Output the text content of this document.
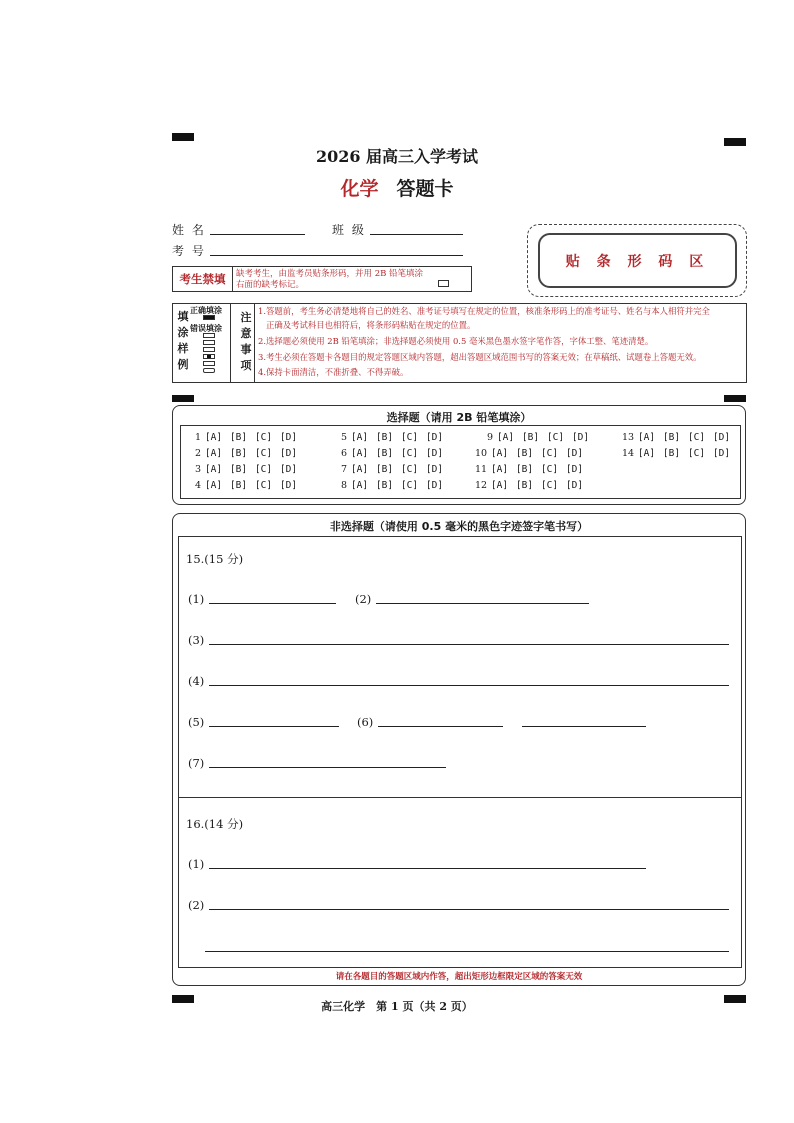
2026 届高三入学考试
化学 答题卡
姓 名	班 级
考 号
贴 条 形 码 区
考生禁填	缺考考生，由监考员贴条形码，并用 2B 铅笔填涂右面的缺考标记。
填
涂
样
例
正确填涂
错误填涂
注
意
事
项
1.答题前，考生务必清楚地将自己的姓名、准考证号填写在规定的位置，核准条形码上的准考证号、姓名与本人相符并完全
正确及考试科目也相符后，将条形码粘贴在规定的位置。
2.选择题必须使用 2B 铅笔填涂；非选择题必须使用 0.5 毫米黑色墨水签字笔作答，字体工整、笔迹清楚。
3.考生必须在答题卡各题目的规定答题区域内答题，超出答题区域范围书写的答案无效；在草稿纸、试题卷上答题无效。
4.保持卡面清洁，不准折叠、不得弄破。
选择题（请用 2B 铅笔填涂）
1 [A] [B] [C] [D]
2 [A] [B] [C] [D]
3 [A] [B] [C] [D]
4 [A] [B] [C] [D]
5 [A] [B] [C] [D]
6 [A] [B] [C] [D]
7 [A] [B] [C] [D]
8 [A] [B] [C] [D]
9 [A] [B] [C] [D]
10 [A] [B] [C] [D]
11 [A] [B] [C] [D]
12 [A] [B] [C] [D]
13 [A] [B] [C] [D]
14 [A] [B] [C] [D]
非选择题（请使用 0.5 毫米的黑色字迹签字笔书写）
15.(15 分)
(1)	(2)
(3)
(4)
(5)	(6)
(7)
16.(14 分)
(1)
(2)
请在各题目的答题区域内作答，超出矩形边框限定区域的答案无效
高三化学　第 1 页（共 2 页）
